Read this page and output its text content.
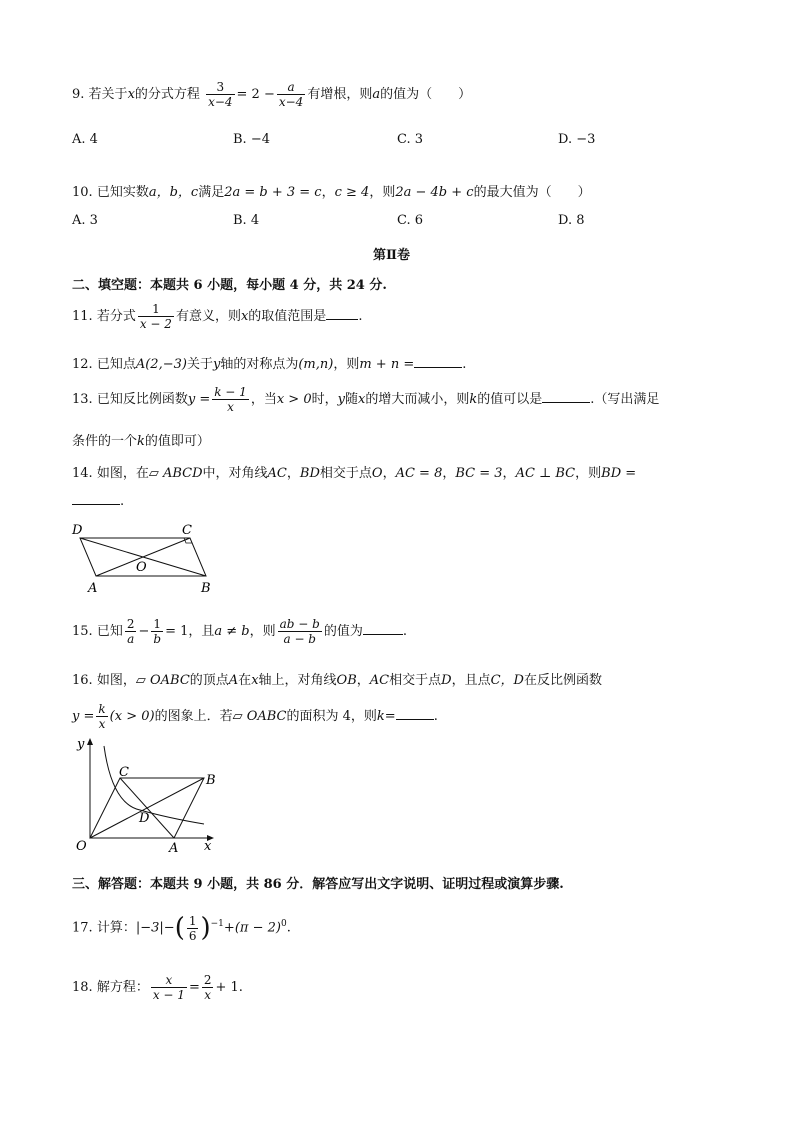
9. 若关于x的分式方程 $\frac{3}{x-4} = 2 - \frac{a}{x-4}$ 有增根，则a的值为（　　）
A. 4	B. −4	C. 3	D. −3
10. 已知实数a，b，c满足2a = b + 3 = c，c ≥ 4，则2a − 4b + c的最大值为（　　）
A. 3	B. 4	C. 6	D. 8
第Ⅱ卷
二、填空题：本题共 6 小题，每小题 4 分，共 24 分.
11. 若分式 $\frac{1}{x - 2}$ 有意义，则x的取值范围是 .
12. 已知点A(2,−3)关于y轴的对称点为(m,n)，则m + n =	.
13. 已知反比例函数$y = \frac{k - 1}{x}$ ，当x > 0时，y随x的增大而减小，则k的值可以是	.（写出满足
条件的一个k的值即可）
14. 如图，在▱ ABCD中，对角线AC，BD相交于点O，AC = 8，BC = 3，AC ⊥ BC，则BD =
.
D	C
O
A	B
15. 已知 $\frac{2}{a} - \frac{1}{b} = 1$，且a ≠ b，则 $\frac{ab - b}{a - b}$ 的值为	.
16. 如图，▱ OABC的顶点A在x轴上，对角线OB，AC相交于点D，且点C，D在反比例函数
$y = \frac{k}{x} (x > 0)$的图象上．若▱ OABC的面积为 4，则k=	.
y
C
B
D
O	A x
三、解答题：本题共 9 小题，共 86 分．解答应写出文字说明、证明过程或演算步骤.
17. 计算：$|-3|-( \frac{1}{6} )^{-1}+(\pi - 2)^0$.
18. 解方程： $\frac{x}{x - 1} = \frac{2}{x} + 1$.
